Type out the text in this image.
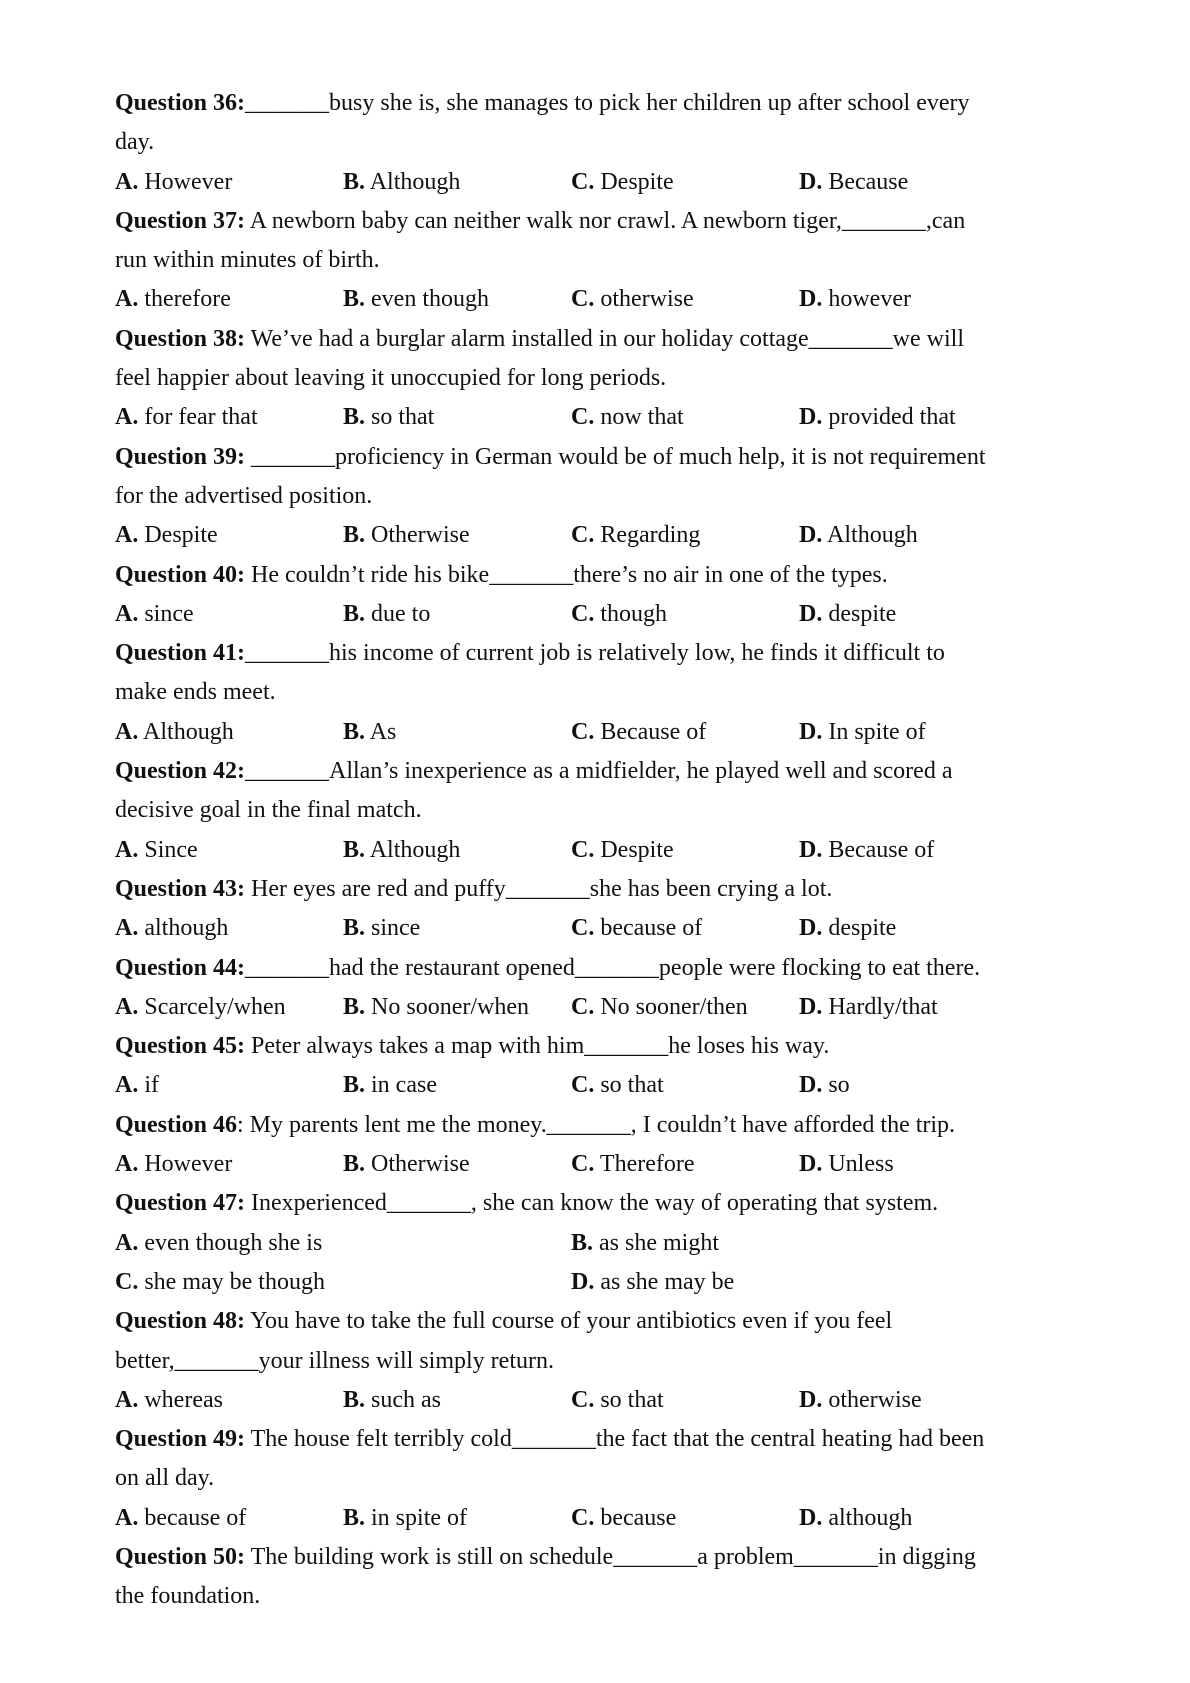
Question 36:_______busy she is, she manages to pick her children up after school every
day.
A. However	B. Although	C. Despite	D. Because
Question 37: A newborn baby can neither walk nor crawl. A newborn tiger,_______,can
run within minutes of birth.
A. therefore	B. even though	C. otherwise	D. however
Question 38: We’ve had a burglar alarm installed in our holiday cottage_______we will
feel happier about leaving it unoccupied for long periods.
A. for fear that	B. so that	C. now that	D. provided that
Question 39: _______proficiency in German would be of much help, it is not requirement
for the advertised position.
A. Despite	B. Otherwise	C. Regarding	D. Although
Question 40: He couldn’t ride his bike_______there’s no air in one of the types.
A. since	B. due to	C. though	D. despite
Question 41:_______his income of current job is relatively low, he finds it difficult to
make ends meet.
A. Although	B. As	C. Because of	D. In spite of
Question 42:_______Allan’s inexperience as a midfielder, he played well and scored a
decisive goal in the final match.
A. Since	B. Although	C. Despite	D. Because of
Question 43: Her eyes are red and puffy_______she has been crying a lot.
A. although	B. since	C. because of	D. despite
Question 44:_______had the restaurant opened_______people were flocking to eat there.
A. Scarcely/when B. No sooner/when C. No sooner/then D. Hardly/that
Question 45: Peter always takes a map with him_______he loses his way.
A. if	B. in case	C. so that	D. so
Question 46: My parents lent me the money._______, I couldn’t have afforded the trip.
A. However	B. Otherwise	C. Therefore	D. Unless
Question 47: Inexperienced_______, she can know the way of operating that system.
A. even though she is	B. as she might
C. she may be though	D. as she may be
Question 48: You have to take the full course of your antibiotics even if you feel
better,_______your illness will simply return.
A. whereas	B. such as	C. so that	D. otherwise
Question 49: The house felt terribly cold_______the fact that the central heating had been
on all day.
A. because of	B. in spite of	C. because	D. although
Question 50: The building work is still on schedule_______a problem_______in digging
the foundation.
